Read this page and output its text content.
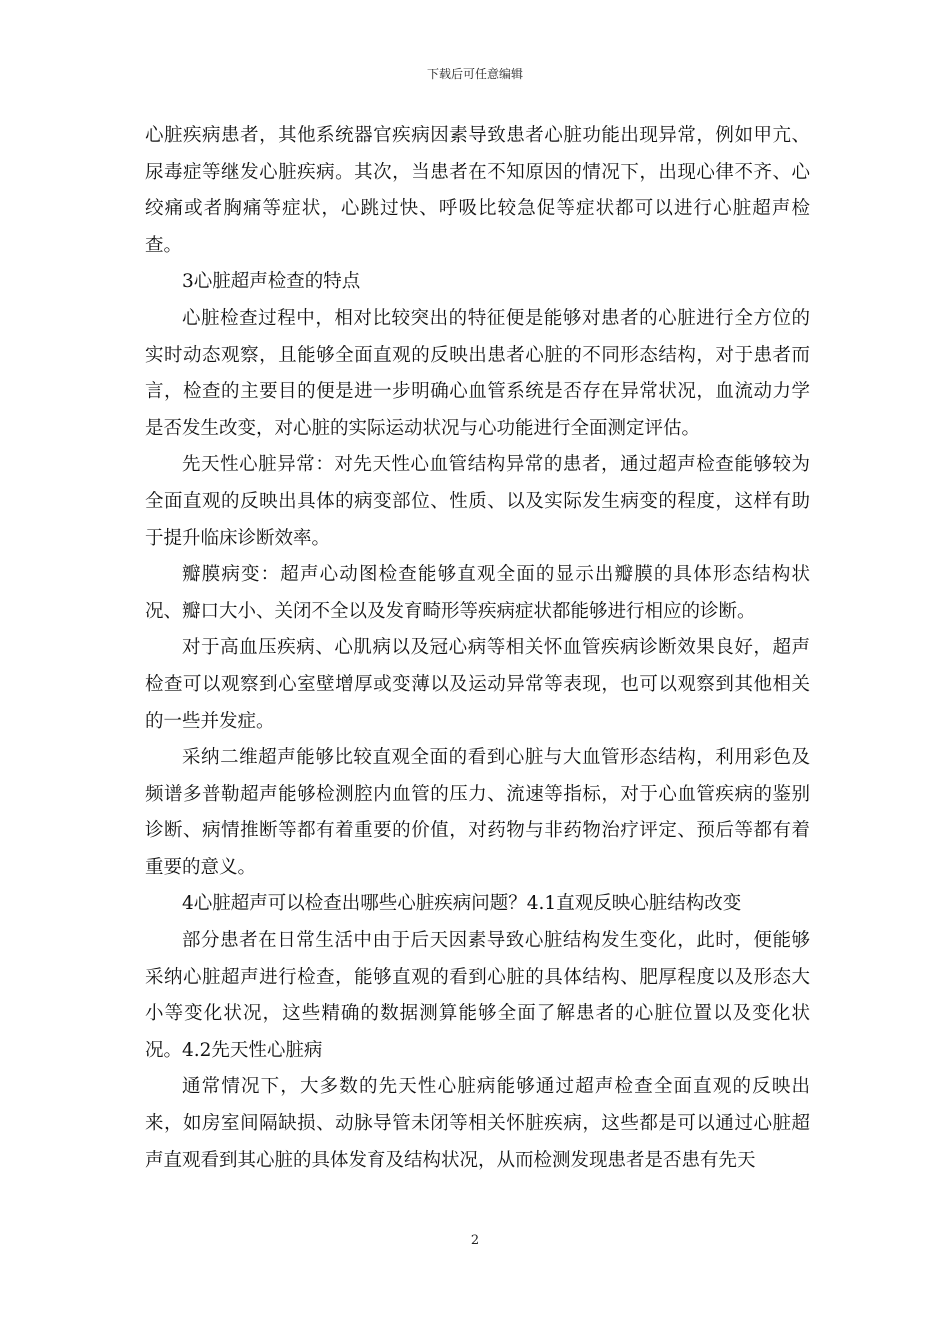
下载后可任意编辑

心脏疾病患者，其他系统器官疾病因素导致患者心脏功能出现异常，例如甲亢、尿毒症等继发心脏疾病。其次，当患者在不知原因的情况下，出现心律不齐、心绞痛或者胸痛等症状，心跳过快、呼吸比较急促等症状都可以进行心脏超声检查。

3心脏超声检查的特点

心脏检查过程中，相对比较突出的特征便是能够对患者的心脏进行全方位的实时动态观察，且能够全面直观的反映出患者心脏的不同形态结构，对于患者而言，检查的主要目的便是进一步明确心血管系统是否存在异常状况，血流动力学是否发生改变，对心脏的实际运动状况与心功能进行全面测定评估。

先天性心脏异常：对先天性心血管结构异常的患者，通过超声检查能够较为全面直观的反映出具体的病变部位、性质、以及实际发生病变的程度，这样有助于提升临床诊断效率。

瓣膜病变：超声心动图检查能够直观全面的显示出瓣膜的具体形态结构状况、瓣口大小、关闭不全以及发育畸形等疾病症状都能够进行相应的诊断。

对于高血压疾病、心肌病以及冠心病等相关怀血管疾病诊断效果良好，超声检查可以观察到心室壁增厚或变薄以及运动异常等表现，也可以观察到其他相关的一些并发症。

采纳二维超声能够比较直观全面的看到心脏与大血管形态结构，利用彩色及频谱多普勒超声能够检测腔内血管的压力、流速等指标，对于心血管疾病的鉴别诊断、病情推断等都有着重要的价值，对药物与非药物治疗评定、预后等都有着重要的意义。

4心脏超声可以检查出哪些心脏疾病问题？4.1直观反映心脏结构改变

部分患者在日常生活中由于后天因素导致心脏结构发生变化，此时，便能够采纳心脏超声进行检查，能够直观的看到心脏的具体结构、肥厚程度以及形态大小等变化状况，这些精确的数据测算能够全面了解患者的心脏位置以及变化状况。4.2先天性心脏病

通常情况下，大多数的先天性心脏病能够通过超声检查全面直观的反映出来，如房室间隔缺损、动脉导管未闭等相关怀脏疾病，这些都是可以通过心脏超声直观看到其心脏的具体发育及结构状况，从而检测发现患者是否患有先天

2
